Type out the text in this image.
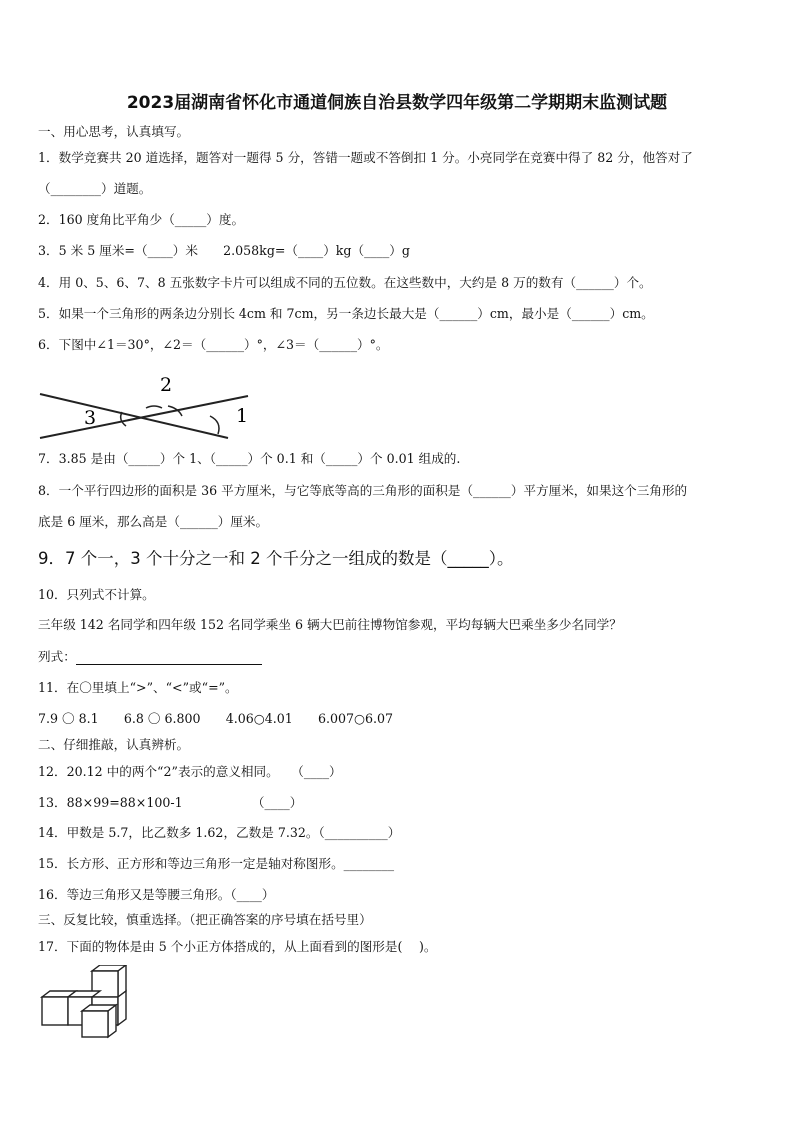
2023届湖南省怀化市通道侗族自治县数学四年级第二学期期末监测试题
一、用心思考，认真填写。
1．数学竞赛共 20 道选择，题答对一题得 5 分，答错一题或不答倒扣 1 分。小亮同学在竞赛中得了 82 分，他答对了
（________）道题。
2．160 度角比平角少（_____）度。
3．5 米 5 厘米=（____）米　　2.058kg=（____）kg（____）g
4．用 0、5、6、7、8 五张数字卡片可以组成不同的五位数。在这些数中，大约是 8 万的数有（______）个。
5．如果一个三角形的两条边分别长 4cm 和 7cm，另一条边长最大是（______）cm，最小是（______）cm。
6．下图中∠1＝30°，∠2＝（______）°，∠3＝（______）°。
3
2
1
7．3.85 是由（_____）个 1、（_____）个 0.1 和（_____）个 0.01 组成的.
8．一个平行四边形的面积是 36 平方厘米，与它等底等高的三角形的面积是（______）平方厘米，如果这个三角形的
底是 6 厘米，那么高是（______）厘米。
9．7 个一，3 个十分之一和 2 个千分之一组成的数是（_____）。
10．只列式不计算。
三年级 142 名同学和四年级 152 名同学乘坐 6 辆大巴前往博物馆参观，平均每辆大巴乘坐多少名同学？
列式：
11．在〇里填上“>”、“<”或“=”。
7.9 〇 8.1　　6.8 〇 6.800　　4.06○4.01　　6.007○6.07
二、仔细推敲，认真辨析。
12．20.12 中的两个“2”表示的意义相同。　　（____）
13．88×99=88×100-1　　　　　　（____）
14．甲数是 5.7，比乙数多 1.62，乙数是 7.32。（__________）
15．长方形、正方形和等边三角形一定是轴对称图形。________
16．等边三角形又是等腰三角形。（____）
三、反复比较，慎重选择。（把正确答案的序号填在括号里）
17．下面的物体是由 5 个小正方体搭成的，从上面看到的图形是(　 )。
